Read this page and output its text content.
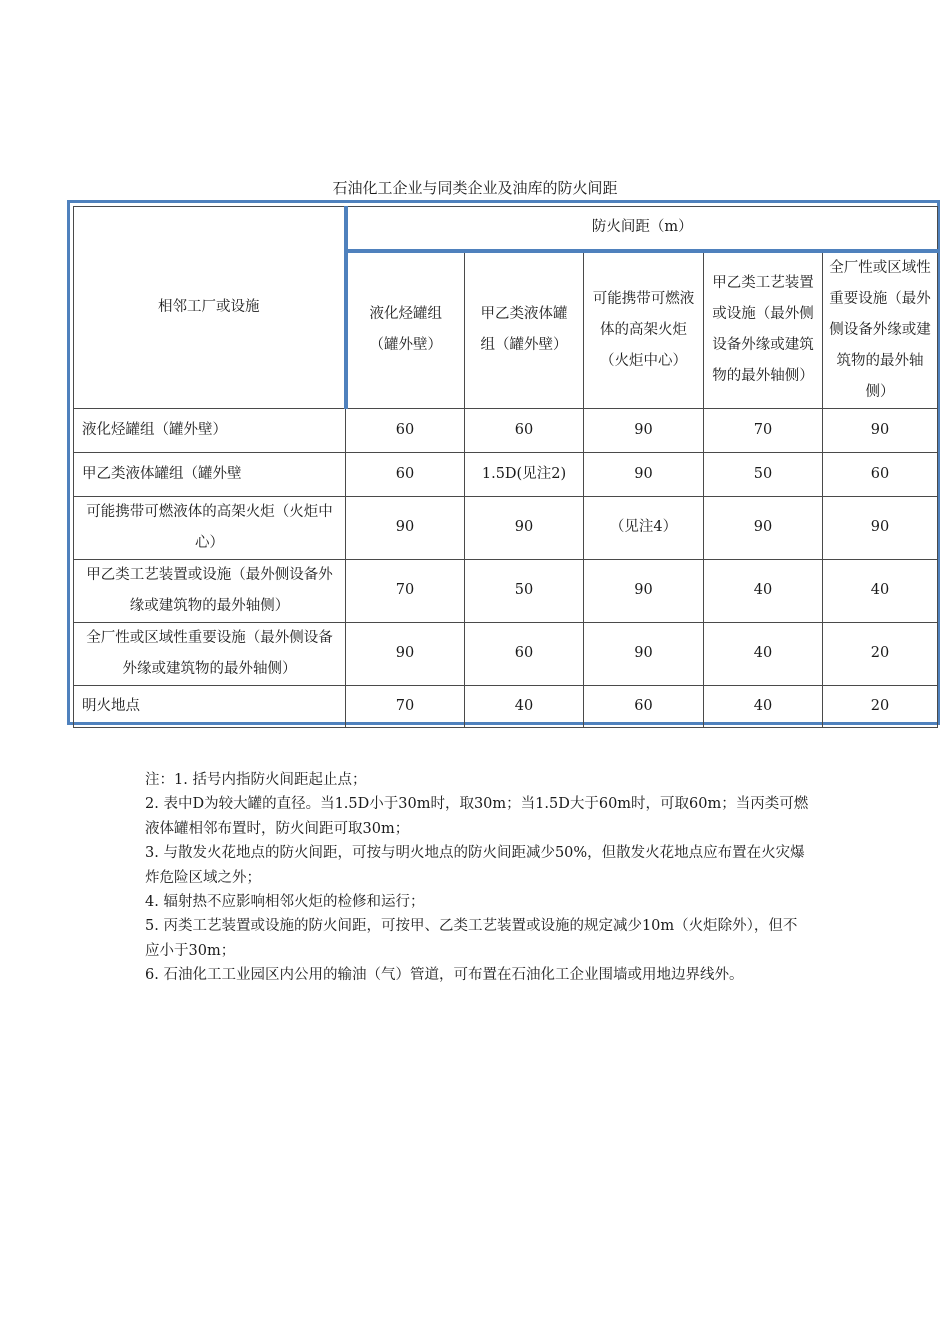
石油化工企业与同类企业及油库的防火间距
相邻工厂或设施	防火间距（m）				
	液化烃罐组（罐外壁）	甲乙类液体罐组（罐外壁）	可能携带可燃液体的高架火炬（火炬中心）	甲乙类工艺装置或设施（最外侧设备外缘或建筑物的最外轴侧）	全厂性或区域性重要设施（最外侧设备外缘或建筑物的最外轴侧）
液化烃罐组（罐外壁）	60	60	90	70	90
甲乙类液体罐组（罐外壁	60	1.5D(见注2)	90	50	60
可能携带可燃液体的高架火炬（火炬中心）	90	90	（见注4）	90	90
甲乙类工艺装置或设施（最外侧设备外缘或建筑物的最外轴侧）	70	50	90	40	40
全厂性或区域性重要设施（最外侧设备外缘或建筑物的最外轴侧）	90	60	90	40	20
明火地点	70	40	60	40	20

注：1. 括号内指防火间距起止点；

2. 表中D为较大罐的直径。当1.5D小于30m时，取30m；当1.5D大于60m时，可取60m；当丙类可燃液体罐相邻布置时，防火间距可取30m；

3. 与散发火花地点的防火间距，可按与明火地点的防火间距减少50%，但散发火花地点应布置在火灾爆炸危险区域之外；

4. 辐射热不应影响相邻火炬的检修和运行；

5. 丙类工艺装置或设施的防火间距，可按甲、乙类工艺装置或设施的规定减少10m（火炬除外），但不应小于30m；

6. 石油化工工业园区内公用的输油（气）管道，可布置在石油化工企业围墙或用地边界线外。
